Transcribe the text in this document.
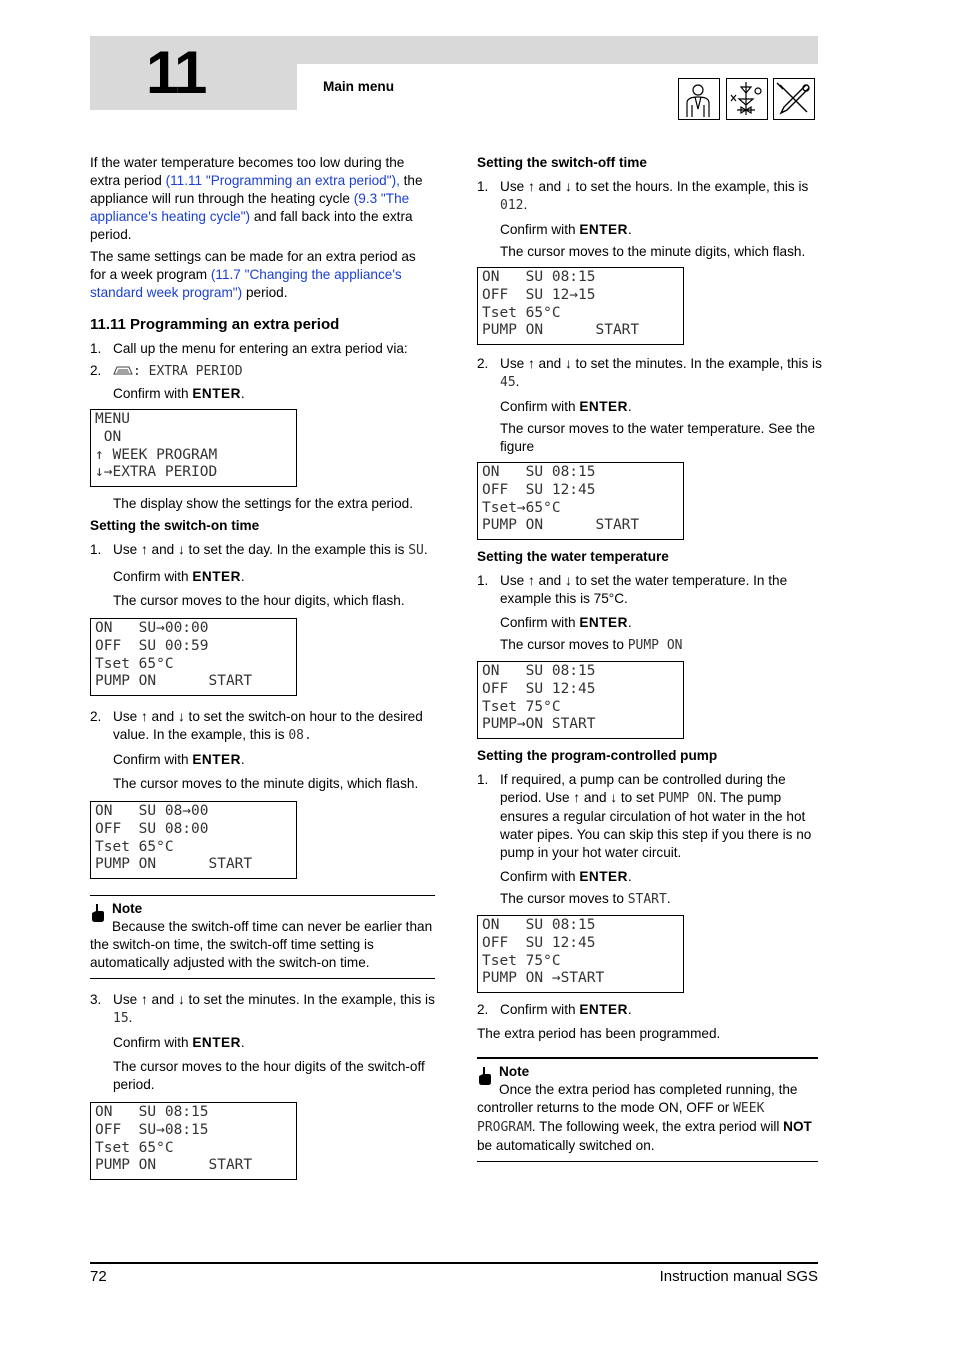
11	Main menu

If the water temperature becomes too low during the extra period (11.11 "Programming an extra period"), the appliance will run through the heating cycle (9.3 "The appliance's heating cycle") and fall back into the extra period.

The same settings can be made for an extra period as for a week program (11.7 "Changing the appliance's standard week program") period.

11.11 Programming an extra period
1. Call up the menu for entering an extra period via:
2. : EXTRA PERIOD
Confirm with ENTER.
MENU
ON
↑ WEEK PROGRAM
↓→EXTRA PERIOD
The display show the settings for the extra period.
Setting the switch-on time
1. Use ↑ and ↓ to set the day. In the example this is SU.
Confirm with ENTER.
The cursor moves to the hour digits, which flash.
ON   SU→00:00
OFF  SU 00:59
Tset 65°C
PUMP ON      START
2. Use ↑ and ↓ to set the switch-on hour to the desired value. In the example, this is 08.
Confirm with ENTER.
The cursor moves to the minute digits, which flash.
ON   SU 08→00
OFF  SU 08:00
Tset 65°C
PUMP ON      START
Note
Because the switch-off time can never be earlier than the switch-on time, the switch-off time setting is automatically adjusted with the switch-on time.
3. Use ↑ and ↓ to set the minutes. In the example, this is 15.
Confirm with ENTER.
The cursor moves to the hour digits of the switch-off period.
ON   SU 08:15
OFF  SU→08:15
Tset 65°C
PUMP ON      START
Setting the switch-off time
1. Use ↑ and ↓ to set the hours. In the example, this is 012.
Confirm with ENTER.
The cursor moves to the minute digits, which flash.
ON   SU 08:15
OFF  SU 12→15
Tset 65°C
PUMP ON      START
2. Use ↑ and ↓ to set the minutes. In the example, this is 45.
Confirm with ENTER.
The cursor moves to the water temperature. See the figure
ON   SU 08:15
OFF  SU 12:45
Tset→65°C
PUMP ON      START
Setting the water temperature
1. Use ↑ and ↓ to set the water temperature. In the example this is 75°C.
Confirm with ENTER.
The cursor moves to PUMP ON
ON   SU 08:15
OFF  SU 12:45
Tset 75°C
PUMP→ON START
Setting the program-controlled pump
1. If required, a pump can be controlled during the period. Use ↑ and ↓ to set PUMP ON. The pump ensures a regular circulation of hot water in the hot water pipes. You can skip this step if you there is no pump in your hot water circuit.
Confirm with ENTER.
The cursor moves to START.
ON   SU 08:15
OFF  SU 12:45
Tset 75°C
PUMP ON →START
2. Confirm with ENTER.

The extra period has been programmed.

Note
Once the extra period has completed running, the controller returns to the mode ON, OFF or WEEK PROGRAM. The following week, the extra period will NOT be automatically switched on.
72	Instruction manual SGS
